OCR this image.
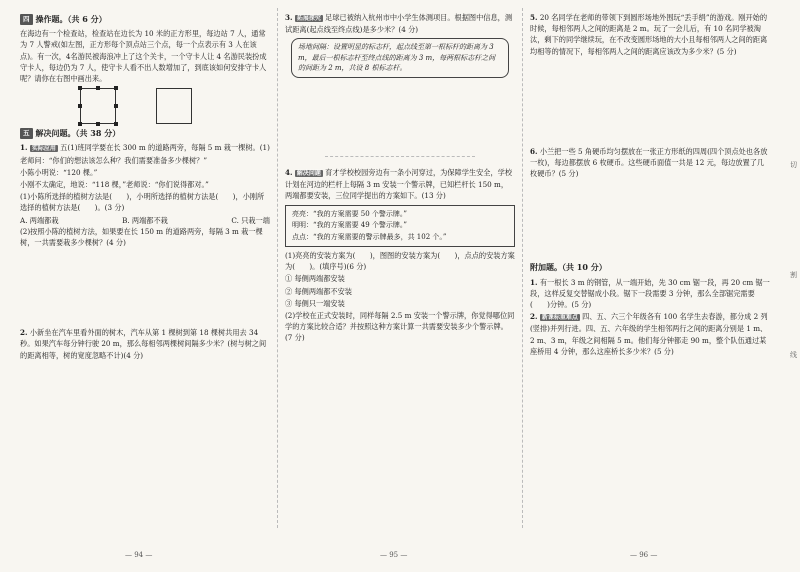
四 操作题。（共 6 分）

在海边有一个检查站，检查站在边长为 10 米的正方形里，每边站 7 人，通常为 7 人警戒(如左图，正方形每个顶点站三个点，每一个点表示有 3 人在该点)。有一次，4名游民被海浪冲上了这个关卡，一个守卡人让 4 名游民装扮成守卡人，每边仍为 7 人，使守卡人看不出人数增加了，到底该如何安排守卡人呢？请你在右图中画出来。

五 解决问题。（共 38 分）

1. 实际应用 五(1)班同学要在长 300 m 的道路两旁，每隔 5 m 栽一棵树。(1)老师问：“你们的想法该怎么种？我们需要准备多少棵树？”

小陈小明说：“120 棵。”

小刚不太确定，地说：“118 棵，”老师说：“你们说得都对。”

(1)小陈所选择的植树方法是(　　)，小明所选择的植树方法是(　　)，小刚所选择的植树方法是(　　)。(3 分)

A. 两端都栽	B. 两端都不栽	C. 只栽一端

(2)按照小陈的植树方法，如果要在长 150 m 的道路两旁，每隔 3 m 栽一棵树，一共需要栽多少棵树？(4 分)

2. 小新坐在汽车里看外面的树木，汽车从第 1 棵树到第 18 棵树共用去 34 秒。如果汽车每分钟行驶 20 m，那么每相邻两棵树间隔多少米？(树与树之间的距离相等，树的宽度忽略不计)(4 分)

— 94 —

3. 拓展探究 足球已被纳入杭州市中小学生体测项目。根据图中信息，测试距离(起点线至终点线)是多少米？(4 分)

场地间隔：设置明显的标志杆，起点线至第一根标杆的距离为 3 m，最后一根标志杆至终点线的距离为 3 m，每两根标志杆之间的间距为 2 m，共设 8 根标志杆。

4. 解决问题 育才学校校园旁边有一条小河穿过，为保障学生安全，学校计划在河边的栏杆上每隔 3 m 安装一个警示牌，已知栏杆长 150 m，两端都要安装，三位同学提出的方案如下。(13 分)

亮亮：“我的方案需要 50 个警示牌。”

明明：“我的方案需要 49 个警示牌。”

点点：“我的方案需要的警示牌最多，共 102 个。”

(1)亮亮的安装方案为(　　)，图图的安装方案为(　　)，点点的安装方案为(　　)。(填序号)(6 分)

① 每侧两端都安装

② 每侧两端都不安装

③ 每侧只一端安装

(2)学校在正式安装时，同样每隔 2.5 m 安装一个警示牌，你觉得哪位同学的方案比较合适？并按照这种方案计算一共需要安装多少个警示牌。(7 分)

— 95 —

5. 20 名同学在老师的带领下到圆形场地外围玩“丢手绢”的游戏。刚开始的时候，每相邻两人之间的距离是 2 m。玩了一会儿后，有 10 名同学被淘汰，剩下的同学继续玩，在不改变圆形场地的大小且每相邻两人之间的距离均相等的情况下，每相邻两人之间的距离应该改为多少米？(5 分)

6. 小兰把一些 5 角硬币均匀摆放在一张正方形纸的四周(四个顶点处也各放一枚)，每边都摆放 6 枚硬币。这些硬币面值一共是 12 元，每边放置了几枚硬币？(5 分)

附加题。（共 10 分）

1. 有一根长 3 m 的钢管，从一端开始，先 30 cm 锯一段，再 20 cm 锯一段，这样反复交替锯成小段。锯下一段需要 3 分钟，那么全部锯完需要(　　)分钟。(5 分)

2. 新课标重难点 四、五、六三个年级各有 100 名学生去春游，都分成 2 列(竖排)并列行进。四、五、六年级的学生相邻两行之间的距离分别是 1 m、2 m、3 m，年级之间相隔 5 m。他们每分钟都走 90 m，整个队伍通过某座桥用 4 分钟，那么这座桥长多少米？(5 分)

— 96 —
切
割
线
